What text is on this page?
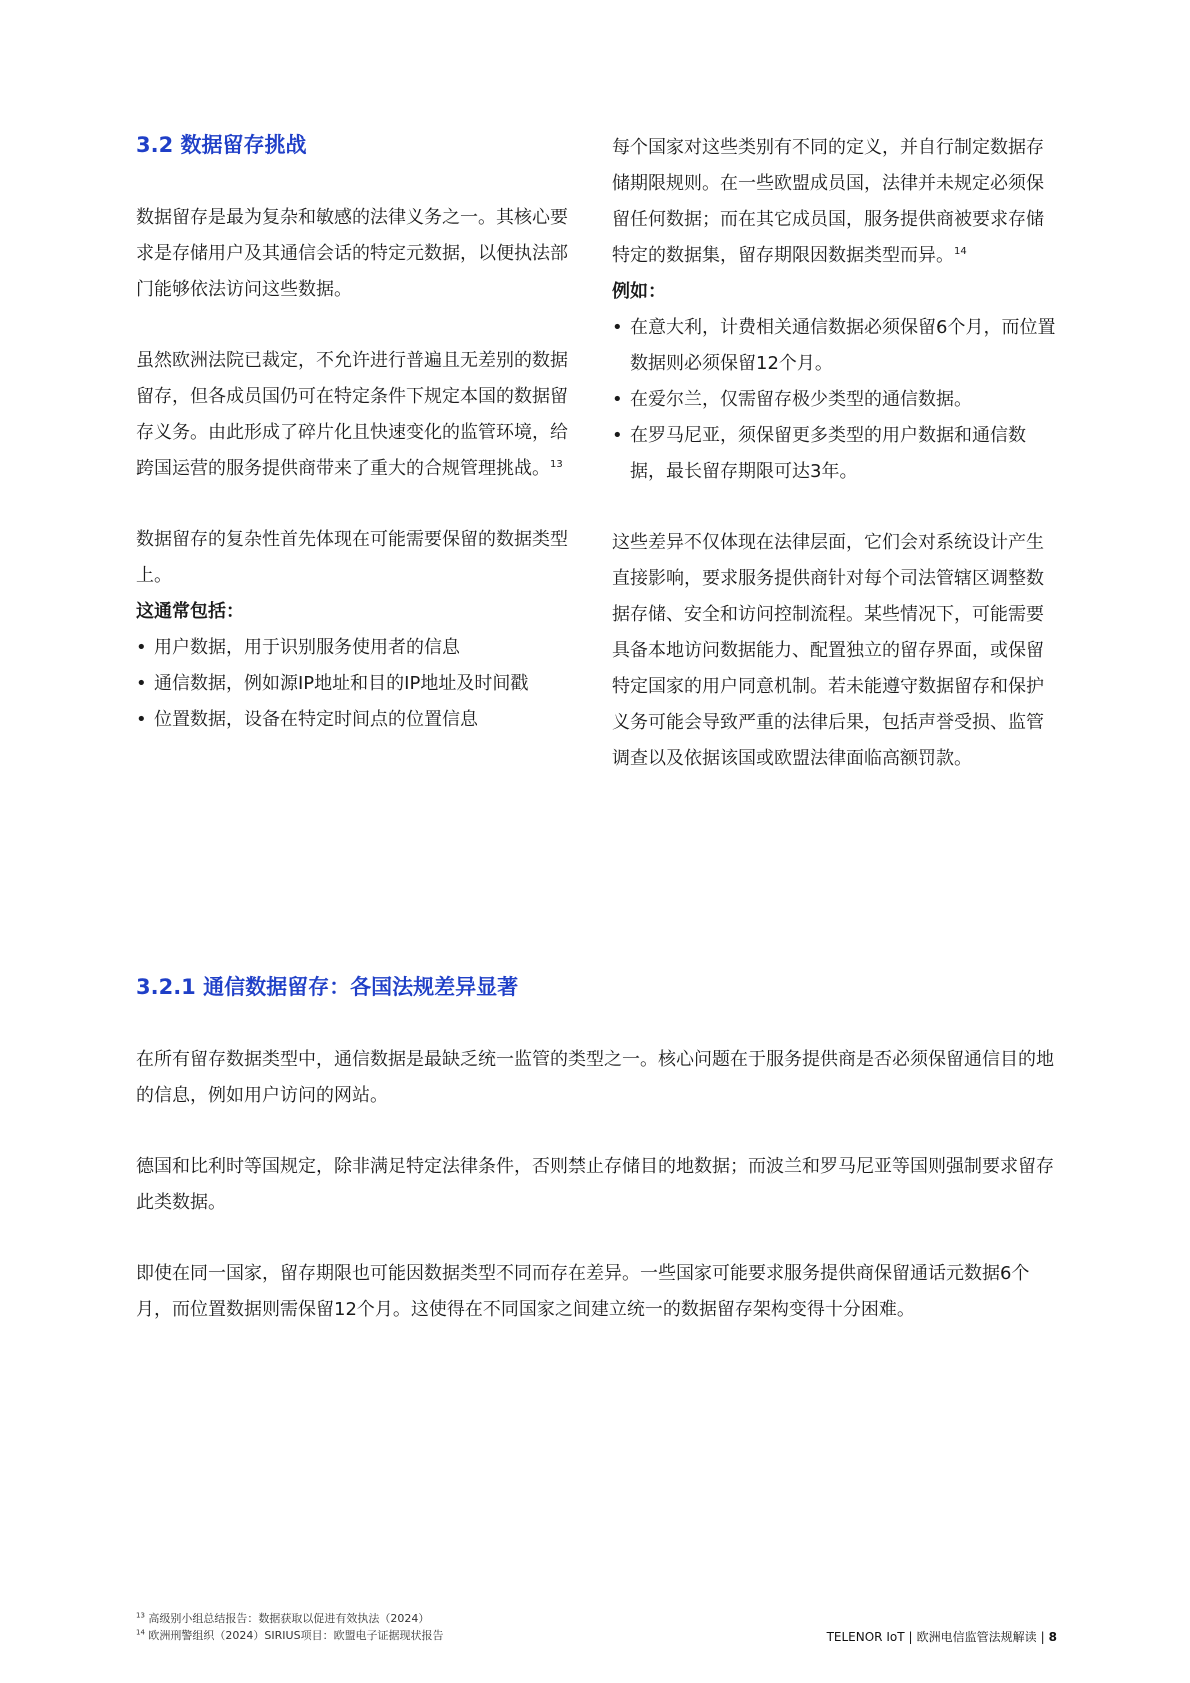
3.2 数据留存挑战

数据留存是最为复杂和敏感的法律义务之一。其核心要求是存储用户及其通信会话的特定元数据，以便执法部门能够依法访问这些数据。

虽然欧洲法院已裁定，不允许进行普遍且无差别的数据留存，但各成员国仍可在特定条件下规定本国的数据留存义务。由此形成了碎片化且快速变化的监管环境，给跨国运营的服务提供商带来了重大的合规管理挑战。$^{13}$

数据留存的复杂性首先体现在可能需要保留的数据类型上。

这通常包括：

• 用户数据，用于识别服务使用者的信息
• 通信数据，例如源IP地址和目的IP地址及时间戳
• 位置数据，设备在特定时间点的位置信息

每个国家对这些类别有不同的定义，并自行制定数据存储期限规则。在一些欧盟成员国，法律并未规定必须保留任何数据；而在其它成员国，服务提供商被要求存储特定的数据集，留存期限因数据类型而异。$^{14}$

例如：

• 在意大利，计费相关通信数据必须保留6个月，而位置数据则必须保留12个月。
• 在爱尔兰，仅需留存极少类型的通信数据。
• 在罗马尼亚，须保留更多类型的用户数据和通信数据，最长留存期限可达3年。

这些差异不仅体现在法律层面，它们会对系统设计产生直接影响，要求服务提供商针对每个司法管辖区调整数据存储、安全和访问控制流程。某些情况下，可能需要具备本地访问数据能力、配置独立的留存界面，或保留特定国家的用户同意机制。若未能遵守数据留存和保护义务可能会导致严重的法律后果，包括声誉受损、监管调查以及依据该国或欧盟法律面临高额罚款。

3.2.1 通信数据留存：各国法规差异显著

在所有留存数据类型中，通信数据是最缺乏统一监管的类型之一。核心问题在于服务提供商是否必须保留通信目的地的信息，例如用户访问的网站。

德国和比利时等国规定，除非满足特定法律条件，否则禁止存储目的地数据；而波兰和罗马尼亚等国则强制要求留存此类数据。

即使在同一国家，留存期限也可能因数据类型不同而存在差异。一些国家可能要求服务提供商保留通话元数据6个月，而位置数据则需保留12个月。这使得在不同国家之间建立统一的数据留存架构变得十分困难。

$^{13}$ 高级别小组总结报告：数据获取以促进有效执法（2024）
$^{14}$ 欧洲刑警组织（2024）SIRIUS项目：欧盟电子证据现状报告	TELENOR IoT | 欧洲电信监管法规解读 | 8
